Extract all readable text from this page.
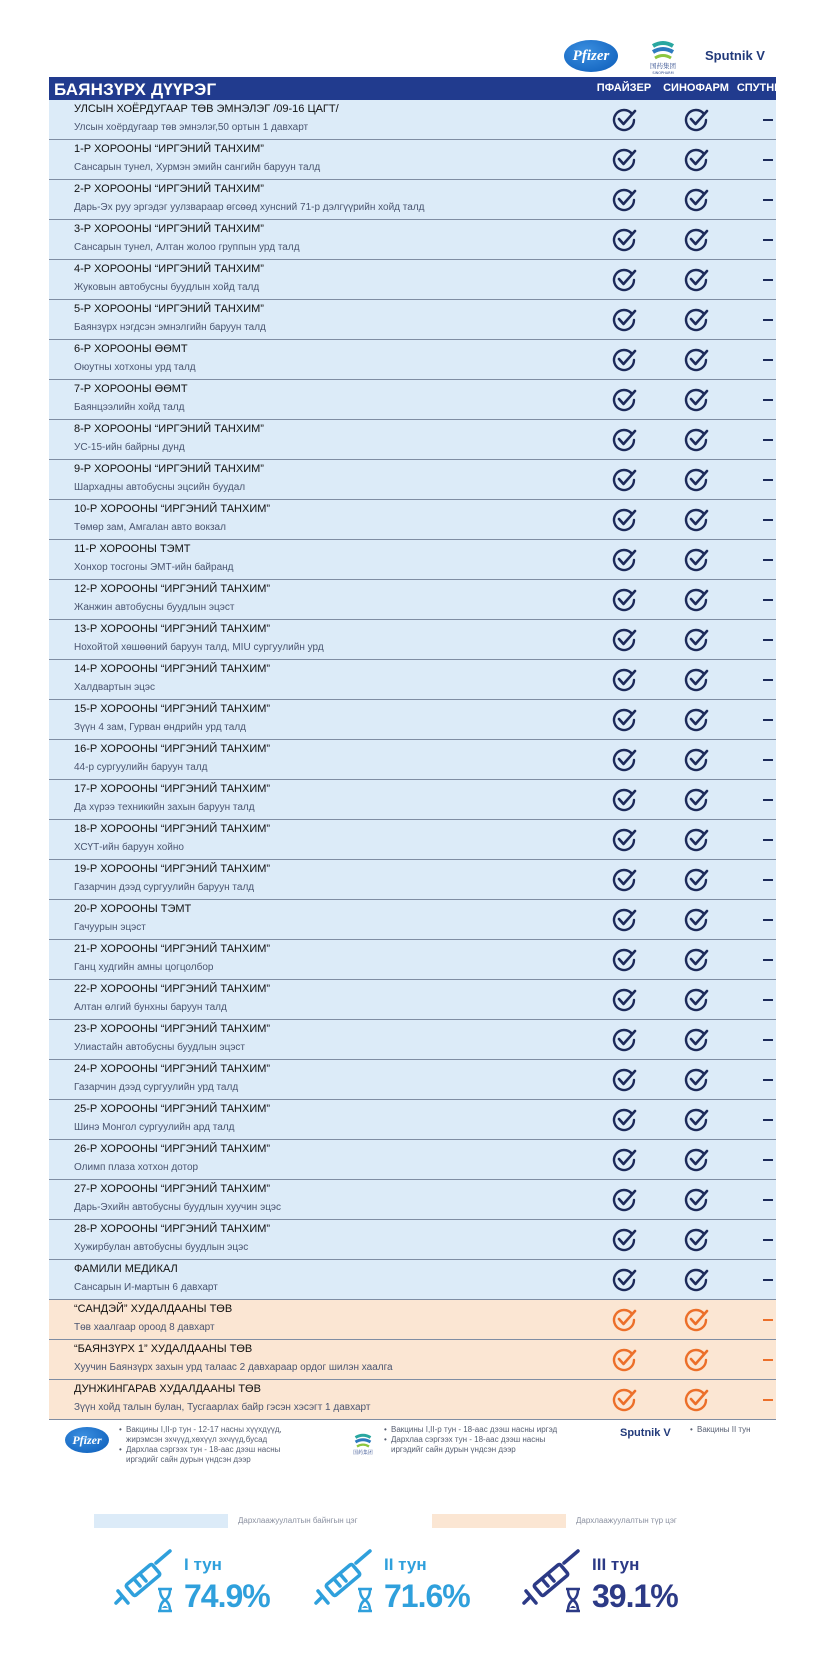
Pfizer
国药集团
SINOPHARM
Sputnik V
БАЯНЗҮРХ ДҮҮРЭГ	ПФАЙЗЕР	СИНОФАРМ СПУТНИК V
УЛСЫН ХОЁРДУГААР ТӨВ ЭМНЭЛЭГ /09-16 ЦАГТ/
Улсын хоёрдугаар төв эмнэлэг,50 ортын 1 давхарт
1-Р ХОРООНЫ “ИРГЭНИЙ ТАНХИМ”
Сансарын тунел, Хурмэн эмийн сангийн баруун талд
2-Р ХОРООНЫ “ИРГЭНИЙ ТАНХИМ”
Дарь-Эх руу эргэдэг уулзвараар өгсөөд хунсний 71-р дэлгүүрийн хойд талд
3-Р ХОРООНЫ “ИРГЭНИЙ ТАНХИМ”
Сансарын тунел, Алтан жолоо группын урд талд
4-Р ХОРООНЫ “ИРГЭНИЙ ТАНХИМ”
Жуковын автобусны буудлын хойд талд
5-Р ХОРООНЫ “ИРГЭНИЙ ТАНХИМ”
Баянзүрх нэгдсэн эмнэлгийн баруун талд
6-Р ХОРООНЫ ӨӨМТ
Оюутны хотхоны урд талд
7-Р ХОРООНЫ ӨӨМТ
Баянцээлийн хойд талд
8-Р ХОРООНЫ “ИРГЭНИЙ ТАНХИМ”
УС-15-ийн байрны дунд
9-Р ХОРООНЫ “ИРГЭНИЙ ТАНХИМ”
Шархадны автобусны эцсийн буудал
10-Р ХОРООНЫ “ИРГЭНИЙ ТАНХИМ”
Төмөр зам, Амгалан авто вокзал
11-Р ХОРООНЫ ТЭМТ
Хонхор тосгоны ЭМТ-ийн байранд
12-Р ХОРООНЫ “ИРГЭНИЙ ТАНХИМ”
Жанжин автобусны буудлын эцэст
13-Р ХОРООНЫ “ИРГЭНИЙ ТАНХИМ”
Нохойтой хөшөөний баруун талд, MIU сургуулийн урд
14-Р ХОРООНЫ “ИРГЭНИЙ ТАНХИМ”
Халдвартын эцэс
15-Р ХОРООНЫ “ИРГЭНИЙ ТАНХИМ”
Зүүн 4 зам, Гурван өндрийн урд талд
16-Р ХОРООНЫ “ИРГЭНИЙ ТАНХИМ”
44-р сургуулийн баруун талд
17-Р ХОРООНЫ “ИРГЭНИЙ ТАНХИМ”
Да хүрээ техникийн захын баруун талд
18-Р ХОРООНЫ “ИРГЭНИЙ ТАНХИМ”
ХСҮТ-ийн баруун хойно
19-Р ХОРООНЫ “ИРГЭНИЙ ТАНХИМ”
Газарчин дээд сургуулийн баруун талд
20-Р ХОРООНЫ ТЭМТ
Гачуурын эцэст
21-Р ХОРООНЫ “ИРГЭНИЙ ТАНХИМ”
Ганц худгийн амны цогцолбор
22-Р ХОРООНЫ “ИРГЭНИЙ ТАНХИМ”
Алтан өлгий бунхны баруун талд
23-Р ХОРООНЫ “ИРГЭНИЙ ТАНХИМ”
Улиастайн автобусны буудлын эцэст
24-Р ХОРООНЫ “ИРГЭНИЙ ТАНХИМ”
Газарчин дээд сургуулийн урд талд
25-Р ХОРООНЫ “ИРГЭНИЙ ТАНХИМ”
Шинэ Монгол сургуулийн ард талд
26-Р ХОРООНЫ “ИРГЭНИЙ ТАНХИМ”
Олимп плаза хотхон дотор
27-Р ХОРООНЫ “ИРГЭНИЙ ТАНХИМ”
Дарь-Эхийн автобусны буудлын хуучин эцэс
28-Р ХОРООНЫ “ИРГЭНИЙ ТАНХИМ”
Хужирбулан автобусны буудлын эцэс
ФАМИЛИ МЕДИКАЛ
Сансарын И-мартын 6 давхарт
“САНДЭЙ” ХУДАЛДААНЫ ТӨВ
Төв хаалгаар ороод 8 давхарт
“БАЯНЗҮРХ 1” ХУДАЛДААНЫ ТӨВ
Хуучин Баянзүрх захын урд талаас 2 давхараар ордог шилэн хаалга
ДУНЖИНГАРАВ ХУДАЛДААНЫ ТӨВ
Зүүн хойд талын булан, Тусгаарлах байр гэсэн хэсэгт 1 давхарт
Pfizer
• Вакцины I,II-р тун - 12-17 насны хүүхдүүд, жирэмсэн эхчүүд,хөхүүл эхчүүд,бусад
• Дархлаа сэргээх тун - 18-аас дээш насны иргэдийг сайн дурын үндсэн дээр
国药集团
• Вакцины I,II-р тун - 18-аас дээш насны иргэд
• Дархлаа сэргээх тун - 18-аас дээш насны иргэдийг сайн дурын үндсэн дээр
Sputnik V
•	Вакцины II тун
Дархлаажуулалтын байнгын цэг	Дархлаажуулалтын түр цэг
I тун
74.9%
II тун
71.6%
III тун
39.1%
